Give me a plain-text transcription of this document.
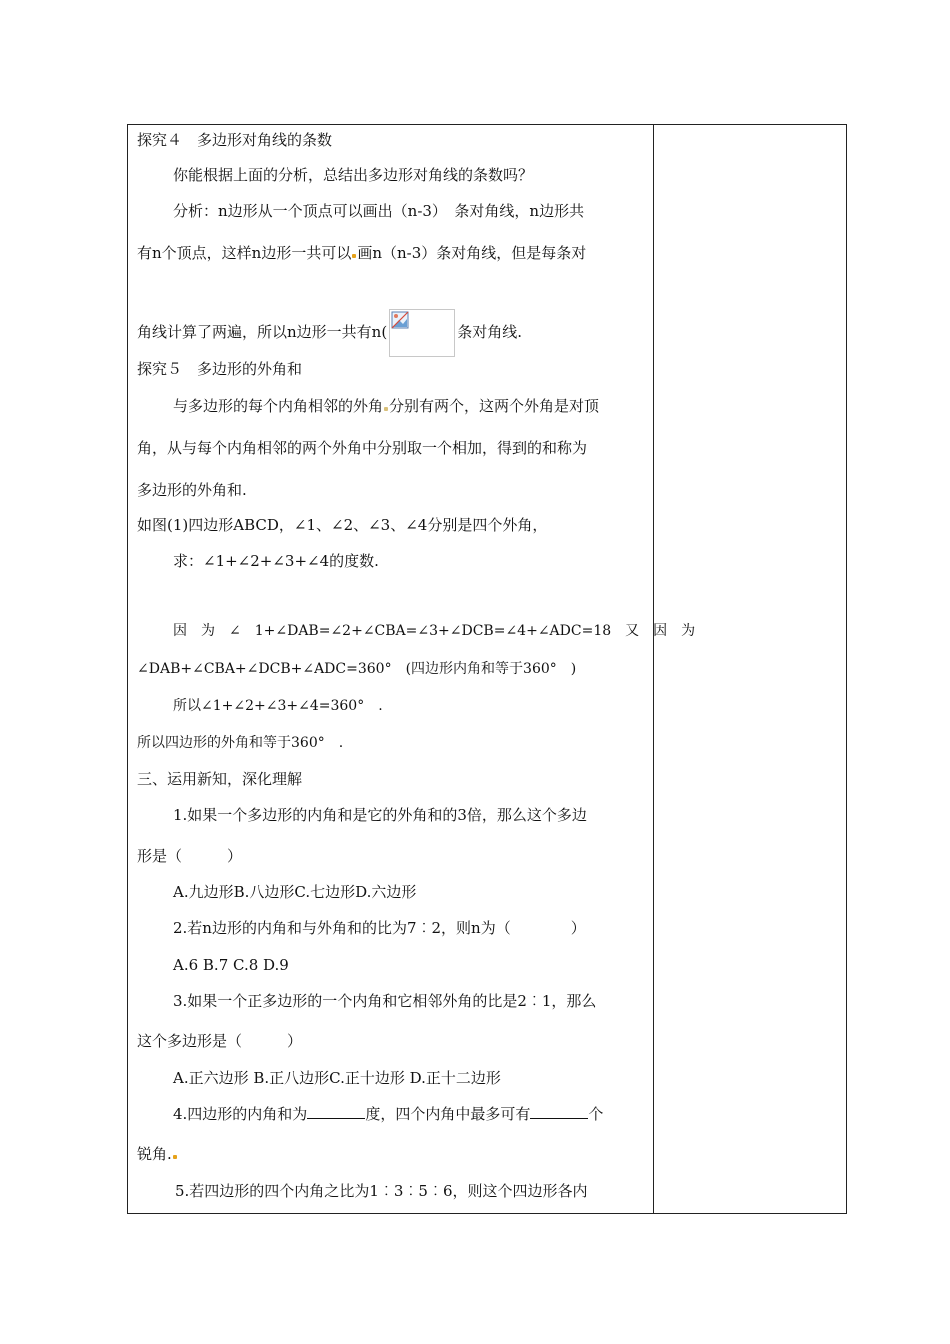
探究４　多边形对角线的条数
你能根据上面的分析，总结出多边形对角线的条数吗？
分析：n边形从一个顶点可以画出（n-3）　条对角线，n边形共
有n个顶点，这样n边形一共可以 画n（n-3）条对角线，但是每条对
角线计算了两遍，所以n边形一共有n(	条对角线.
探究５　多边形的外角和
与多边形的每个内角相邻的外角 分别有两个，这两个外角是对顶
角，从与每个内角相邻的两个外角中分别取一个相加，得到的和称为
多边形的外角和.
如图(1)四边形ABCD，∠1、∠2、∠3、∠4分别是四个外角，
求：∠1+∠2+∠3+∠4的度数.
因　为　∠　1+∠DAB=∠2+∠CBA=∠3+∠DCB=∠4+∠ADC=18　又　因　为
∠DAB+∠CBA+∠DCB+∠ADC=360°　(四边形内角和等于360°　)
所以∠1+∠2+∠3+∠4=360°　.
所以四边形的外角和等于360°　.
三、运用新知，深化理解
1.如果一个多边形的内角和是它的外角和的3倍，那么这个多边
形是（　　　）
A.九边形B.八边形C.七边形D.六边形
2.若n边形的内角和与外角和的比为7︰2，则n为（　　　　）
A.6 B.7 C.8 D.9
3.如果一个正多边形的一个内角和它相邻外角的比是2︰1，那么
这个多边形是（　　　）
A.正六边形 B.正八边形C.正十边形 D.正十二边形
4.四边形的内角和为	度，四个内角中最多可有	个
锐角.
5.若四边形的四个内角之比为1︰3︰5︰6，则这个四边形各内
